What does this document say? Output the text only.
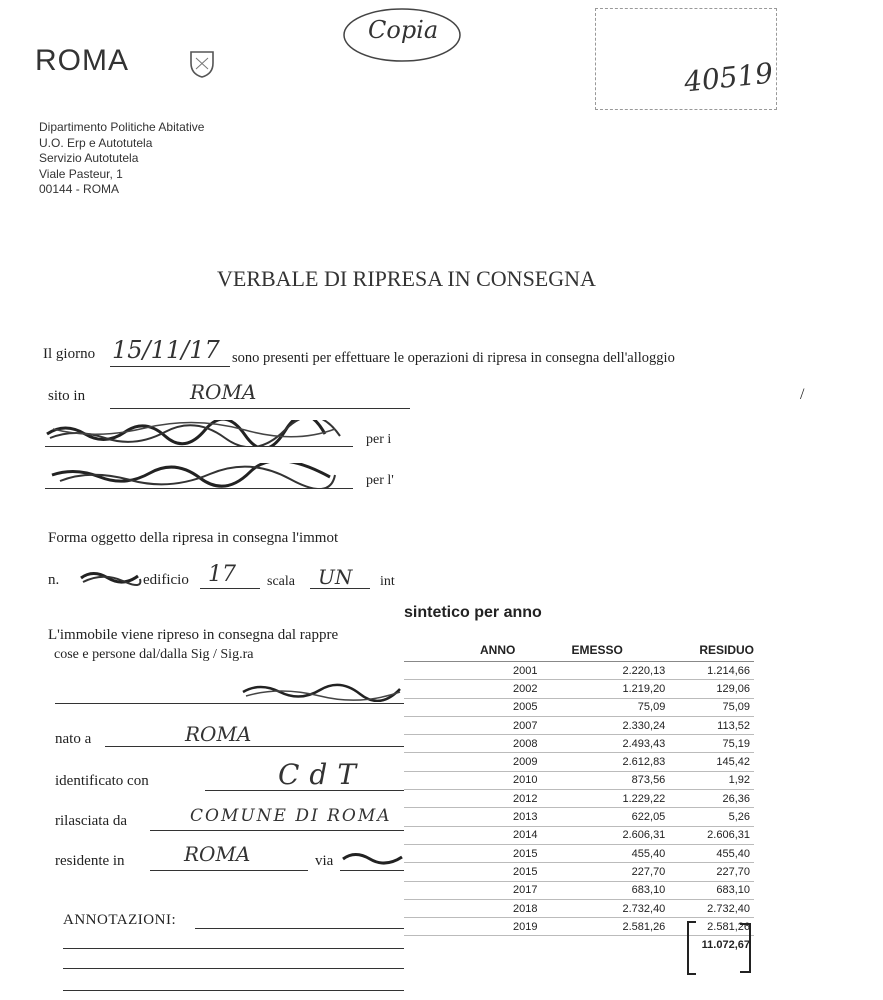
ROMA
Copia
40519
Dipartimento Politiche Abitative
U.O. Erp e Autotutela
Servizio Autotutela
Viale Pasteur, 1
00144 - ROMA
VERBALE DI RIPRESA IN CONSEGNA
Il giorno 15/11/17 sono presenti per effettuare le operazioni di ripresa in consegna dell'alloggio
sito in	ROMA	/
per i
per l'
Forma oggetto della ripresa in consegna l'immot
n.	edificio 17 scala UN int
L'immobile viene ripreso in consegna dal rappre
cose e persone dal/dalla Sig / Sig.ra
nato a	ROMA
identificato con	CdT
rilasciata da	COMUNE DI ROMA
residente in	ROMA	via
ANNOTAZIONI:
sintetico per anno
ANNO	EMESSO	RESIDUO
2001	2.220,13	1.214,66
2002	1.219,20	129,06
2005	75,09	75,09
2007	2.330,24	113,52
2008	2.493,43	75,19
2009	2.612,83	145,42
2010	873,56	1,92
2012	1.229,22	26,36
2013	622,05	5,26
2014	2.606,31	2.606,31
2015	455,40	455,40
2015	227,70	227,70
2017	683,10	683,10
2018	2.732,40	2.732,40
2019	2.581,26	2.581,26
		11.072,67
